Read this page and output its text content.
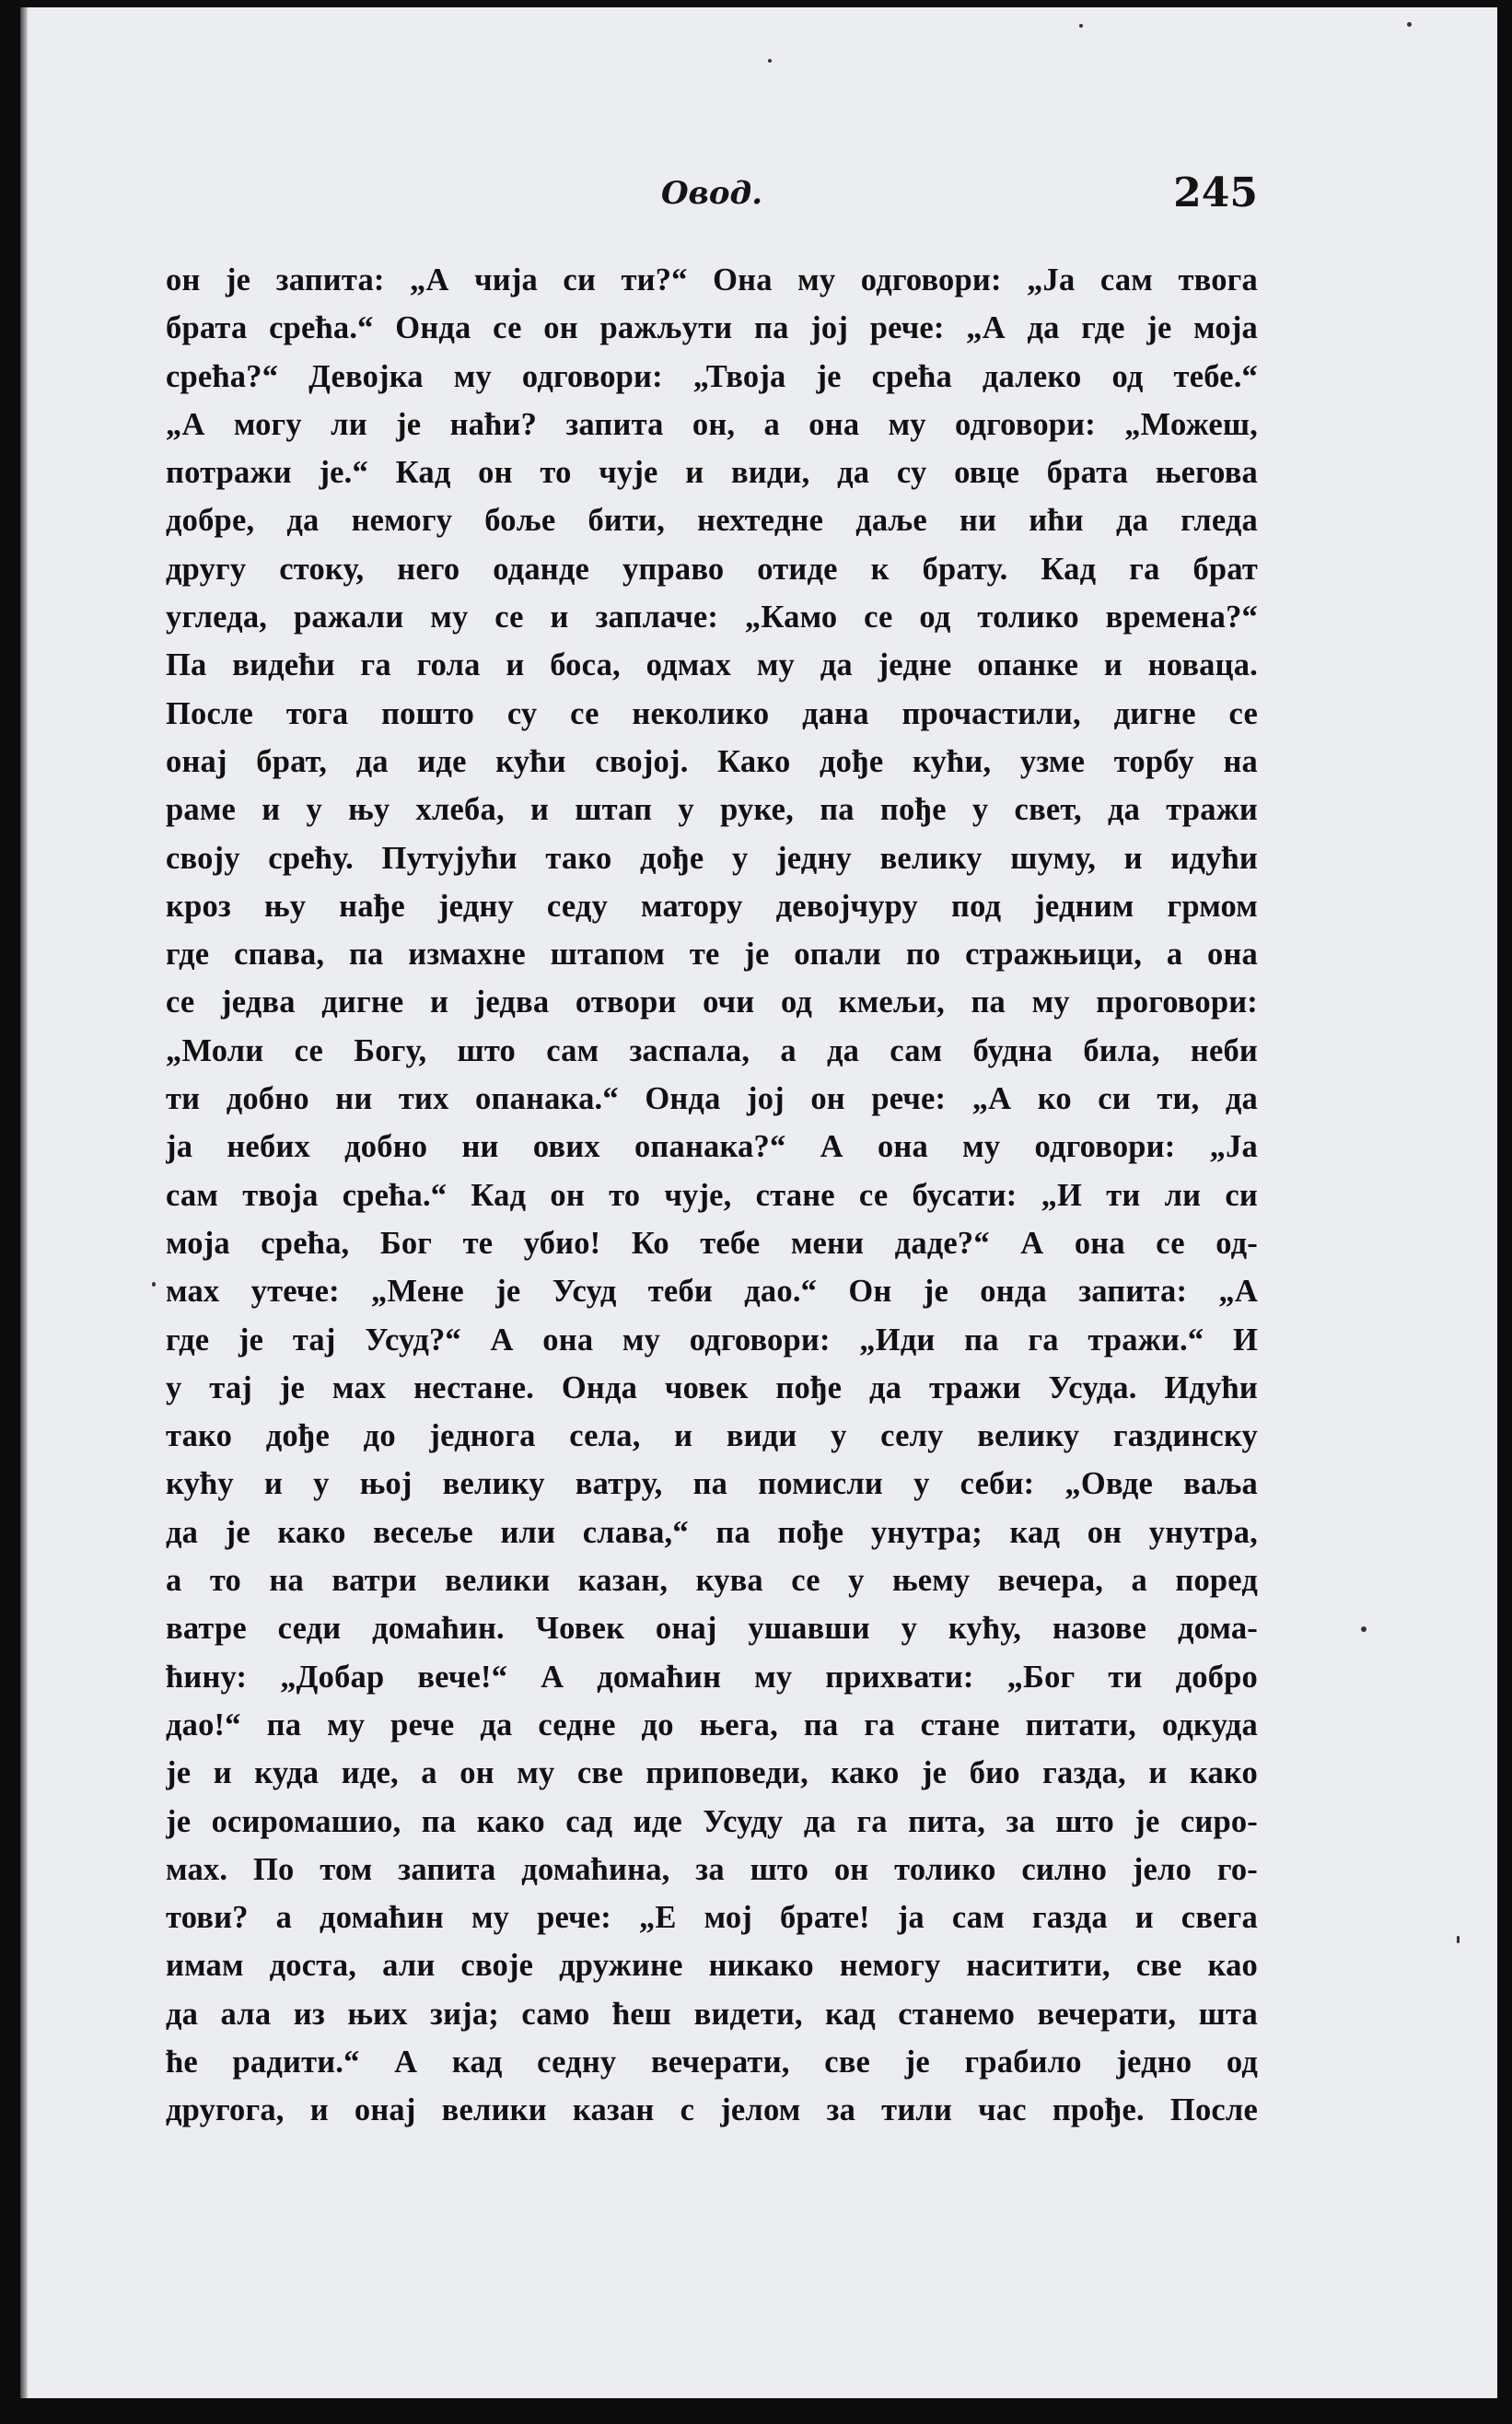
Овод.	245
он је запита: „А чија си ти?“ Она му одговори: „Ја сам твога
брата срећа.“ Онда се он ражљути па јој рече: „А да где је моја
срећа?“ Девојка му одговори: „Твоја је срећа далеко од тебе.“
„А могу ли је наћи? запита он, а она му одговори: „Можеш,
потражи је.“ Кад он то чује и види, да су овце брата његова
добре, да немогу боље бити, нехтедне даље ни ићи да гледа
другу стоку, него оданде управо отиде к брату. Кад га брат
угледа, ражали му се и заплаче: „Камо се од толико времена?“
Па видећи га гола и боса, одмах му да једне опанке и новаца.
После тога пошто су се неколико дана прочастили, дигне се
онај брат, да иде кући својој. Како дође кући, узме торбу на
раме и у њу хлеба, и штап у руке, па пође у свет, да тражи
своју срећу. Путујући тако дође у једну велику шуму, и идући
кроз њу нађе једну седу матору девојчуру под једним грмом
где спава, па измахне штапом те је опали по стражњици, а она
се једва дигне и једва отвори очи од кмељи, па му проговори:
„Моли се Богу, што сам заспала, а да сам будна била, неби
ти добно ни тих опанака.“ Онда јој он рече: „А ко си ти, да
ја небих добно ни ових опанака?“ А она му одговори: „Ја
сам твоја срећа.“ Кад он то чује, стане се бусати: „И ти ли си
моја срећа, Бог те убио! Ко тебе мени даде?“ А она се од-
мах утече: „Мене је Усуд теби дао.“ Он је онда запита: „А
где је тај Усуд?“ А она му одговори: „Иди па га тражи.“ И
у тај је мах нестане. Онда човек пође да тражи Усуда. Идући
тако дође до једнога села, и види у селу велику газдинску
кућу и у њој велику ватру, па помисли у себи: „Овде ваља
да је како весеље или слава,“ па пође унутра; кад он унутра,
а то на ватри велики казан, кува се у њему вечера, а поред
ватре седи домаћин. Човек онај ушавши у кућу, назове дома-
ћину: „Добар вече!“ А домаћин му прихвати: „Бог ти добро
дао!“ па му рече да седне до њега, па га стане питати, одкуда
је и куда иде, а он му све приповеди, како је био газда, и како
је осиромашио, па како сад иде Усуду да га пита, за што је сиро-
мах. По том запита домаћина, за што он толико силно јело го-
тови? а домаћин му рече: „Е мој брате! ја сам газда и свега
имам доста, али своје дружине никако немогу наситити, све као
да ала из њих зија; само ћеш видети, кад станемо вечерати, шта
ће радити.“ А кад седну вечерати, све је грабило једно од
другога, и онај велики казан с јелом за тили час прође. После
